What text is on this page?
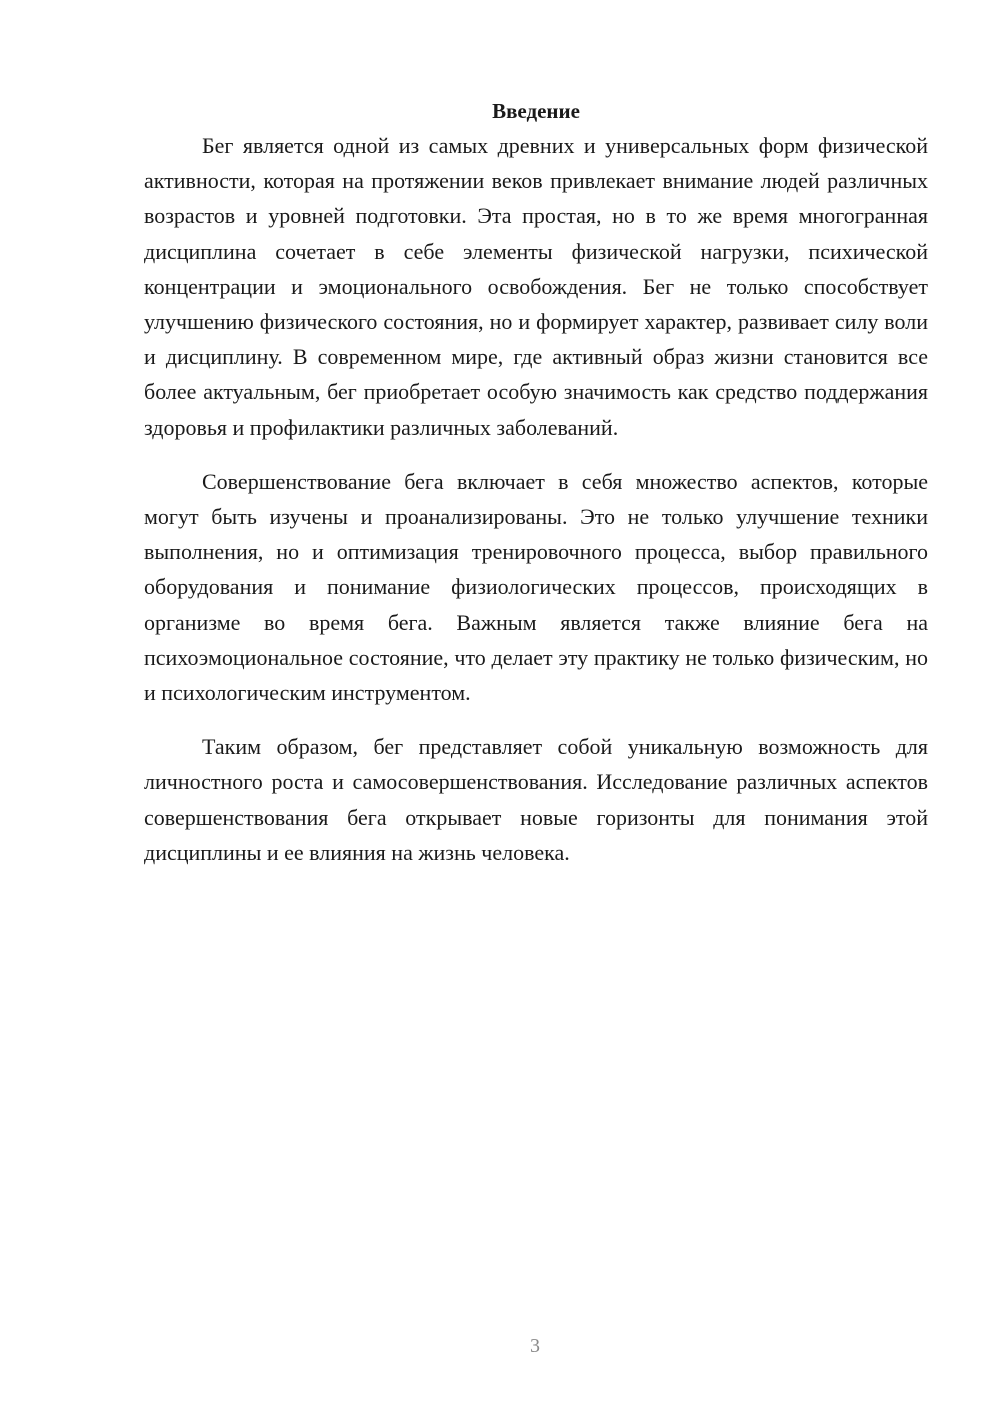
Введение

Бег является одной из самых древних и универсальных форм физической активности, которая на протяжении веков привлекает внимание людей различных возрастов и уровней подготовки. Эта простая, но в то же время многогранная дисциплина сочетает в себе элементы физической нагрузки, психической концентрации и эмоционального освобождения. Бег не только способствует улучшению физического состояния, но и формирует характер, развивает силу воли и дисциплину. В современном мире, где активный образ жизни становится все более актуальным, бег приобретает особую значимость как средство поддержания здоровья и профилактики различных заболеваний.

Совершенствование бега включает в себя множество аспектов, которые могут быть изучены и проанализированы. Это не только улучшение техники выполнения, но и оптимизация тренировочного процесса, выбор правильного оборудования и понимание физиологических процессов, происходящих в организме во время бега. Важным является также влияние бега на психоэмоциональное состояние, что делает эту практику не только физическим, но и психологическим инструментом.

Таким образом, бег представляет собой уникальную возможность для личностного роста и самосовершенствования. Исследование различных аспектов совершенствования бега открывает новые горизонты для понимания этой дисциплины и ее влияния на жизнь человека.

3
